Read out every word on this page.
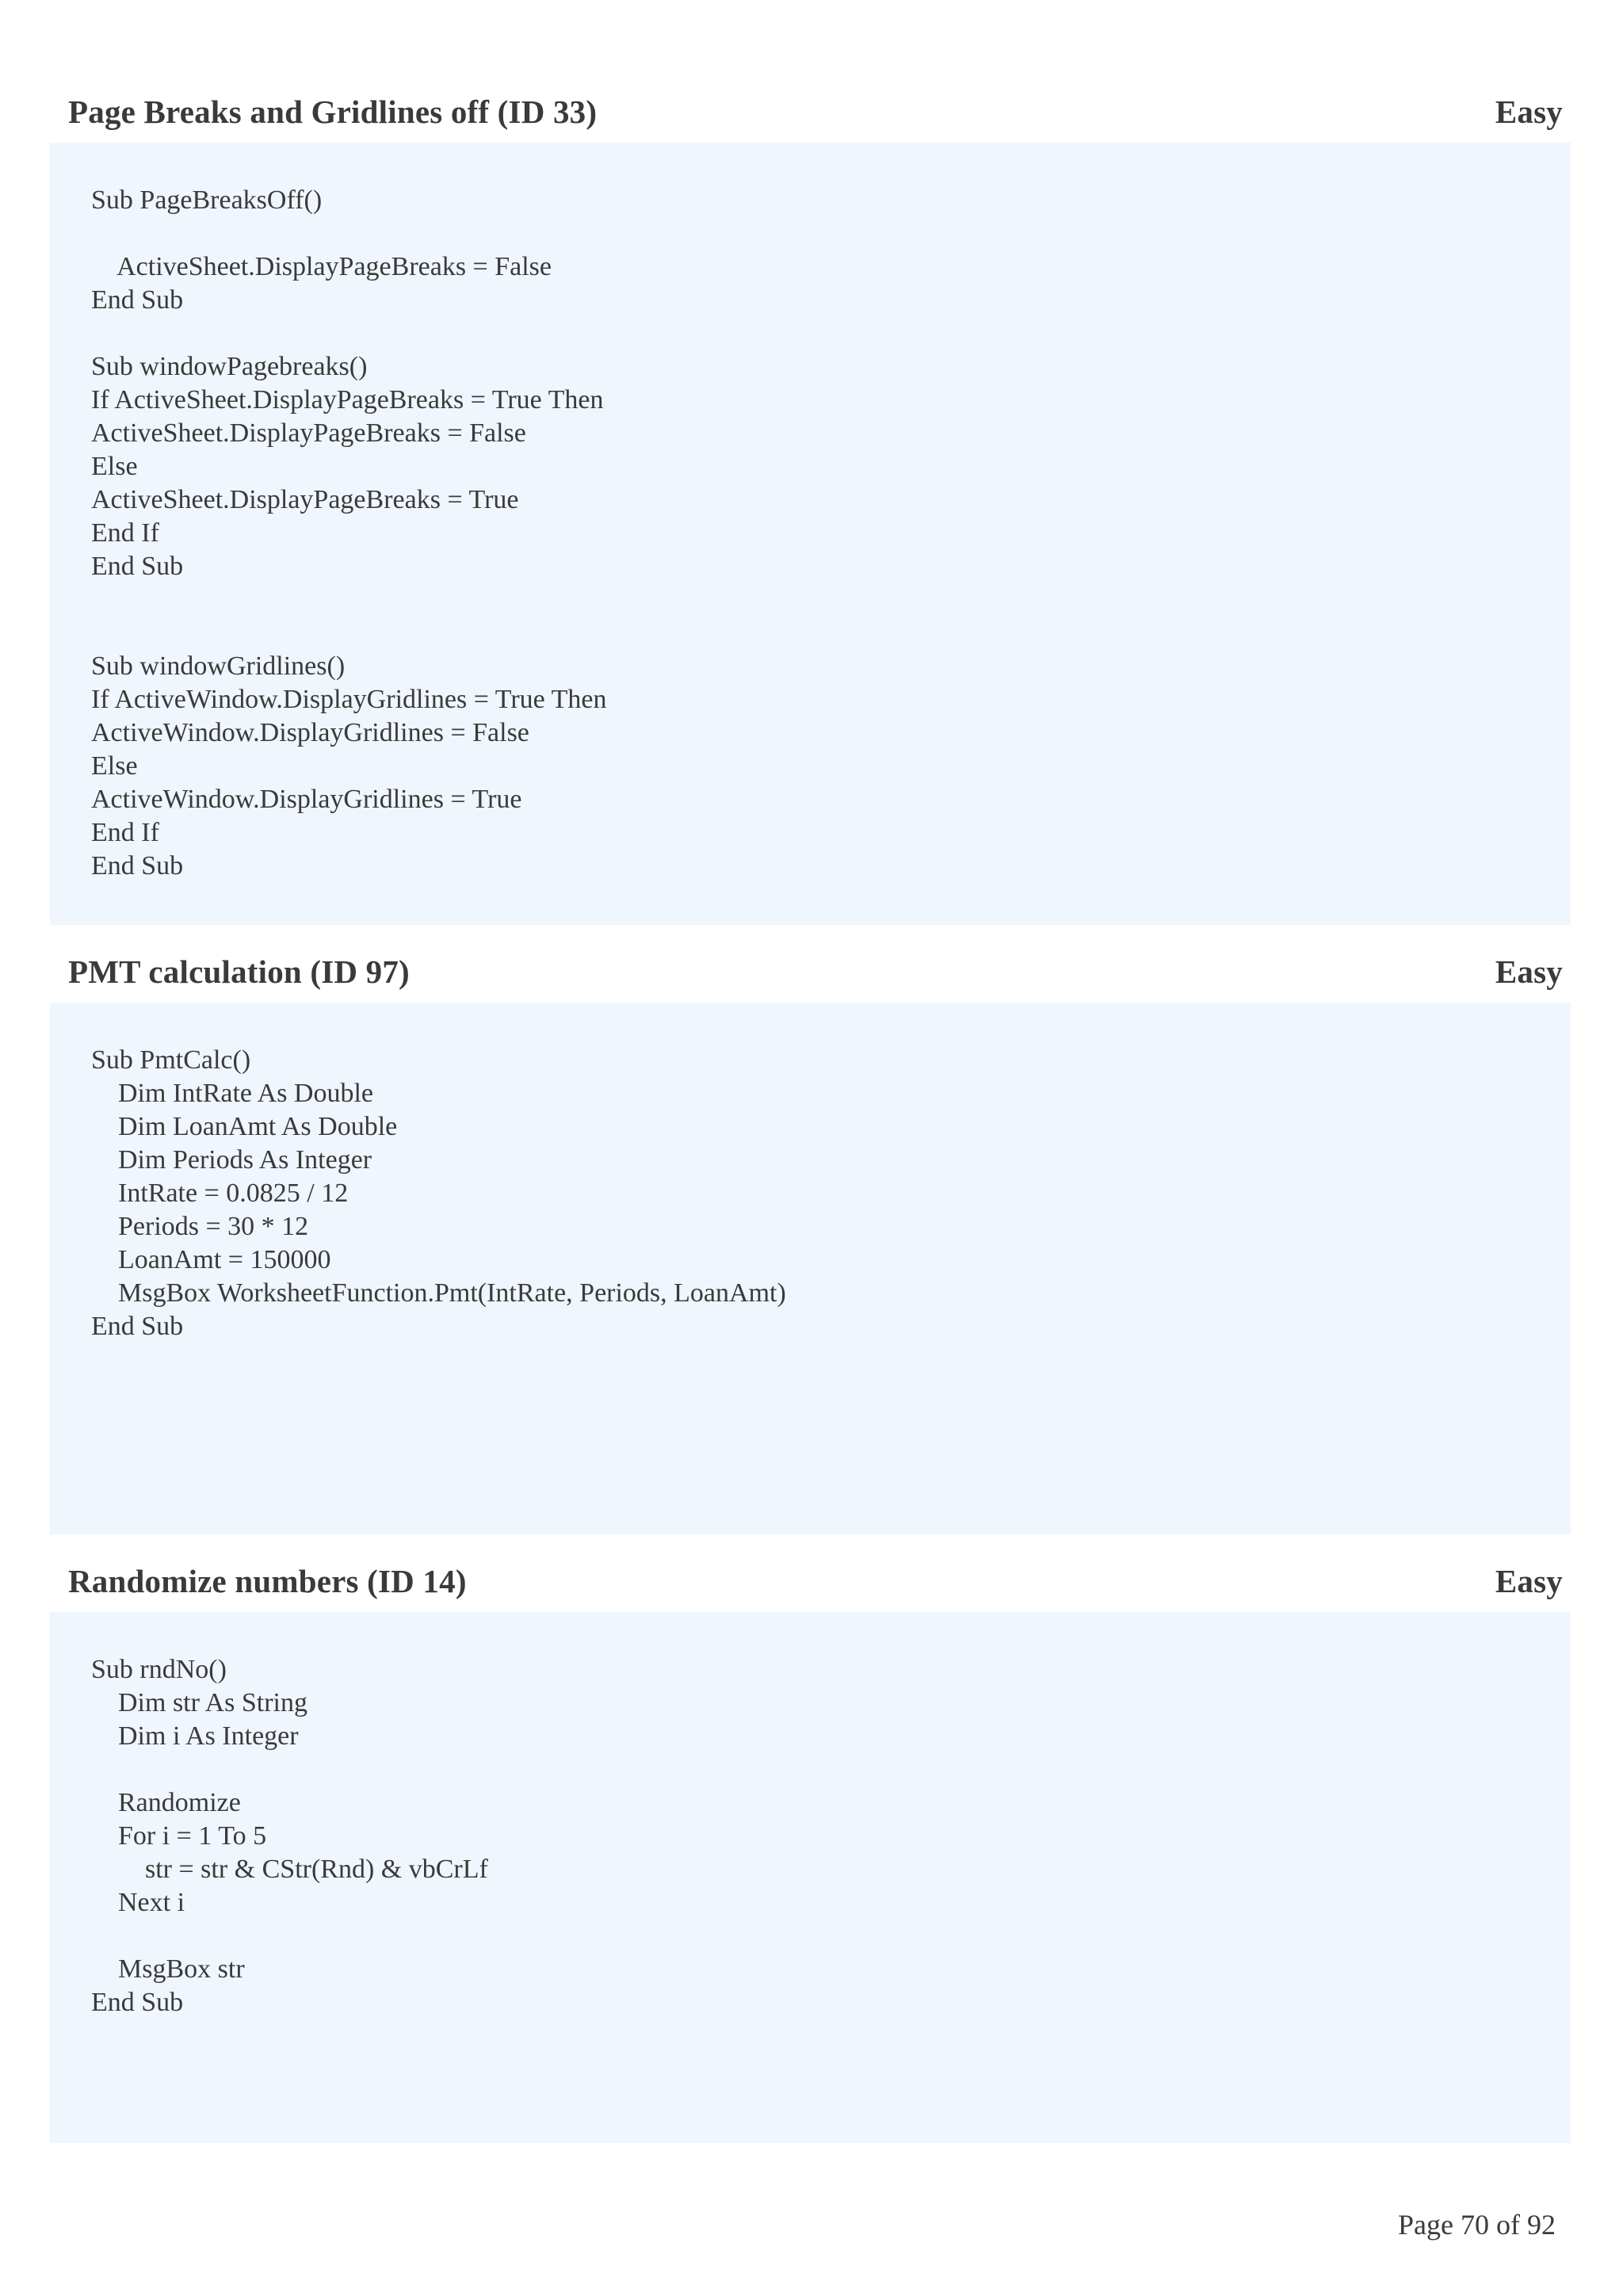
Page Breaks and Gridlines off (ID 33)	Easy
Sub PageBreaksOff()
ActiveSheet.DisplayPageBreaks = False
End Sub
Sub windowPagebreaks()
If ActiveSheet.DisplayPageBreaks = True Then
ActiveSheet.DisplayPageBreaks = False
Else
ActiveSheet.DisplayPageBreaks = True
End If
End Sub
Sub windowGridlines()
If ActiveWindow.DisplayGridlines = True Then
ActiveWindow.DisplayGridlines = False
Else
ActiveWindow.DisplayGridlines = True
End If
End Sub
PMT calculation (ID 97)	Easy
Sub PmtCalc()
Dim IntRate As Double
Dim LoanAmt As Double
Dim Periods As Integer
IntRate = 0.0825 / 12
Periods = 30 * 12
LoanAmt = 150000
MsgBox WorksheetFunction.Pmt(IntRate, Periods, LoanAmt)
End Sub
Randomize numbers (ID 14)	Easy
Sub rndNo()
Dim str As String
Dim i As Integer
Randomize
For i = 1 To 5
str = str & CStr(Rnd) & vbCrLf
Next i
MsgBox str
End Sub
Page 70 of 92
